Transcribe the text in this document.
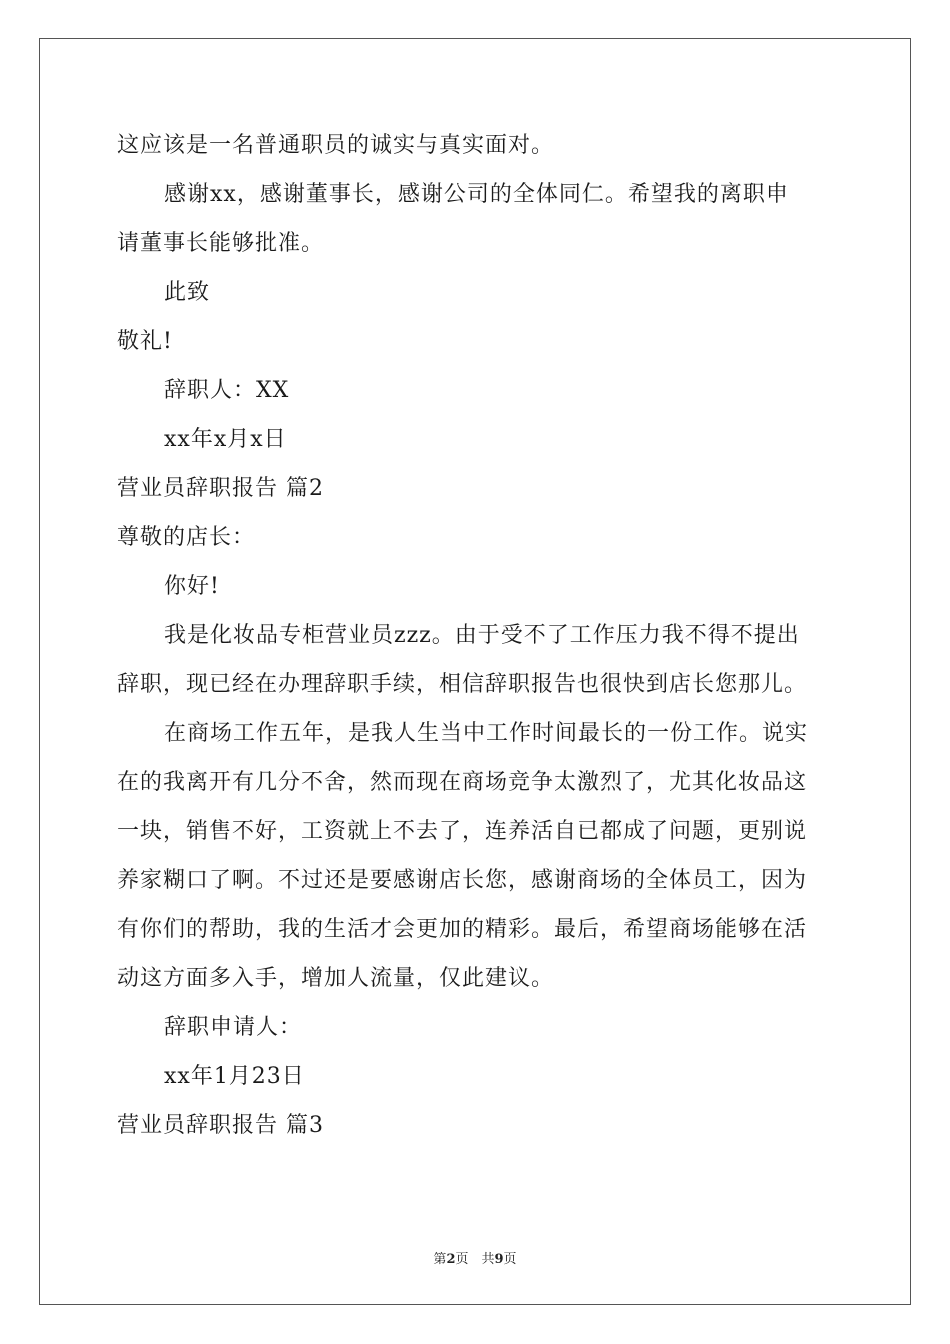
这应该是一名普通职员的诚实与真实面对。
感谢xx，感谢董事长，感谢公司的全体同仁。希望我的离职申
请董事长能够批准。
此致
敬礼!
辞职人：XX
xx年x月x日
营业员辞职报告 篇2
尊敬的店长：
你好!
我是化妆品专柜营业员zzz。由于受不了工作压力我不得不提出
辞职，现已经在办理辞职手续，相信辞职报告也很快到店长您那儿。
在商场工作五年，是我人生当中工作时间最长的一份工作。说实
在的我离开有几分不舍，然而现在商场竞争太激烈了，尤其化妆品这
一块，销售不好，工资就上不去了，连养活自已都成了问题，更别说
养家糊口了啊。不过还是要感谢店长您，感谢商场的全体员工，因为
有你们的帮助，我的生活才会更加的精彩。最后，希望商场能够在活
动这方面多入手，增加人流量，仅此建议。
辞职申请人：
xx年1月23日
营业员辞职报告 篇3
第2页　共9页
